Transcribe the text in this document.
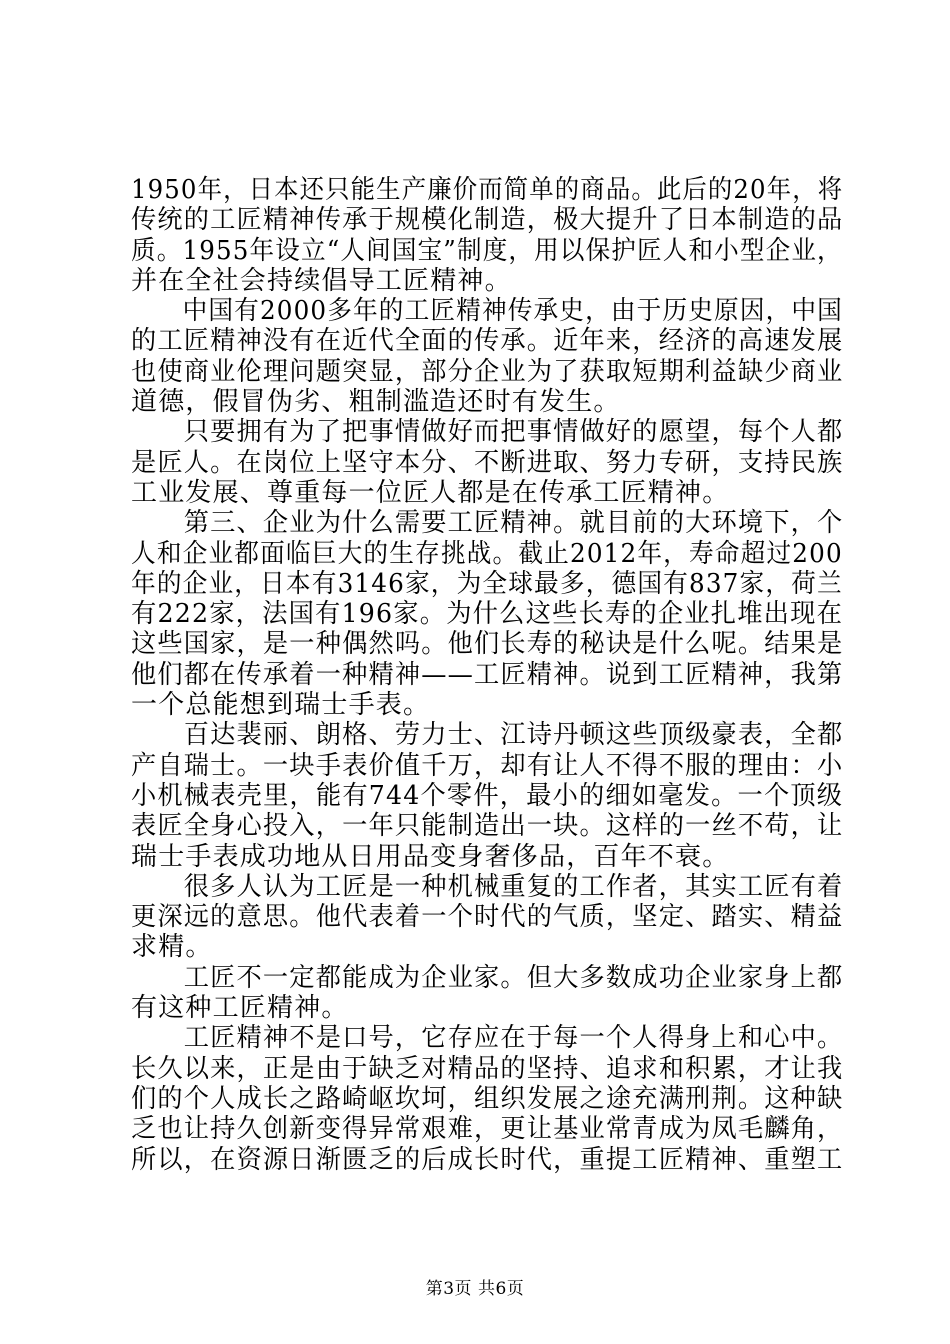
1950年，日本还只能生产廉价而简单的商品。此后的20年，将
传统的工匠精神传承于规模化制造，极大提升了日本制造的品
质。1955年设立“人间国宝”制度，用以保护匠人和小型企业，
并在全社会持续倡导工匠精神。
　　中国有2000多年的工匠精神传承史，由于历史原因，中国
的工匠精神没有在近代全面的传承。近年来，经济的高速发展
也使商业伦理问题突显，部分企业为了获取短期利益缺少商业
道德，假冒伪劣、粗制滥造还时有发生。
　　只要拥有为了把事情做好而把事情做好的愿望，每个人都
是匠人。在岗位上坚守本分、不断进取、努力专研，支持民族
工业发展、尊重每一位匠人都是在传承工匠精神。
　　第三、企业为什么需要工匠精神。就目前的大环境下，个
人和企业都面临巨大的生存挑战。截止2012年，寿命超过200
年的企业，日本有3146家，为全球最多，德国有837家，荷兰
有222家，法国有196家。为什么这些长寿的企业扎堆出现在
这些国家，是一种偶然吗。他们长寿的秘诀是什么呢。结果是
他们都在传承着一种精神——工匠精神。说到工匠精神，我第
一个总能想到瑞士手表。
　　百达裴丽、朗格、劳力士、江诗丹顿这些顶级豪表，全都
产自瑞士。一块手表价值千万，却有让人不得不服的理由：小
小机械表壳里，能有744个零件，最小的细如毫发。一个顶级
表匠全身心投入，一年只能制造出一块。这样的一丝不苟，让
瑞士手表成功地从日用品变身奢侈品，百年不衰。
　　很多人认为工匠是一种机械重复的工作者，其实工匠有着
更深远的意思。他代表着一个时代的气质，坚定、踏实、精益
求精。
　　工匠不一定都能成为企业家。但大多数成功企业家身上都
有这种工匠精神。
　　工匠精神不是口号，它存应在于每一个人得身上和心中。
长久以来，正是由于缺乏对精品的坚持、追求和积累，才让我
们的个人成长之路崎岖坎坷，组织发展之途充满刑荆。这种缺
乏也让持久创新变得异常艰难，更让基业常青成为凤毛麟角，
所以，在资源日渐匮乏的后成长时代，重提工匠精神、重塑工
第3页 共6页
